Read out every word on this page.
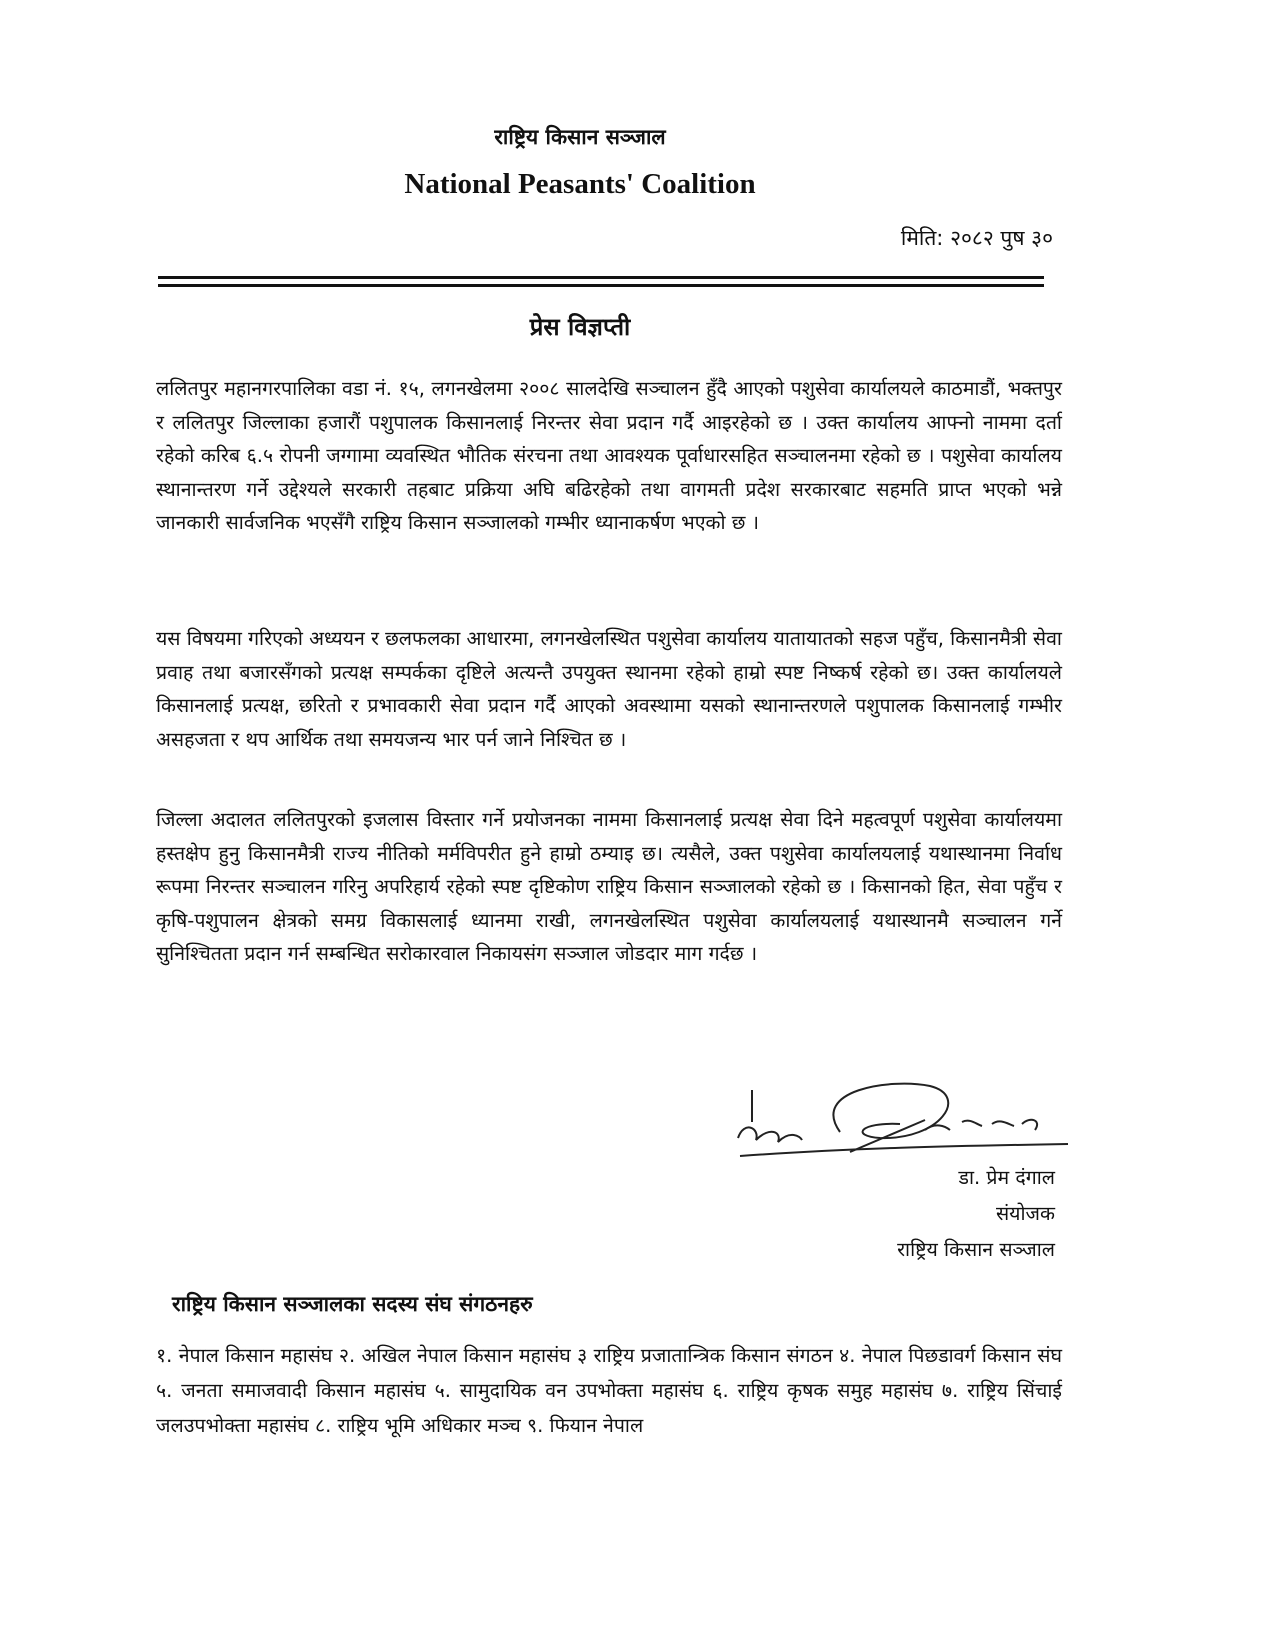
राष्ट्रिय किसान सञ्जाल
National Peasants' Coalition
मिति: २०८२ पुष ३०
प्रेस विज्ञप्ती

ललितपुर महानगरपालिका वडा नं. १५, लगनखेलमा २००८ सालदेखि सञ्चालन हुँदै आएको पशुसेवा कार्यालयले काठमाडौं, भक्तपुर र ललितपुर जिल्लाका हजारौं पशुपालक किसानलाई निरन्तर सेवा प्रदान गर्दै आइरहेको छ । उक्त कार्यालय आफ्नो नाममा दर्ता रहेको करिब ६.५ रोपनी जग्गामा व्यवस्थित भौतिक संरचना तथा आवश्यक पूर्वाधारसहित सञ्चालनमा रहेको छ । पशुसेवा कार्यालय स्थानान्तरण गर्ने उद्देश्यले सरकारी तहबाट प्रक्रिया अघि बढिरहेको तथा वागमती प्रदेश सरकारबाट सहमति प्राप्त भएको भन्ने जानकारी सार्वजनिक भएसँगै राष्ट्रिय किसान सञ्जालको गम्भीर ध्यानाकर्षण भएको छ ।

यस विषयमा गरिएको अध्ययन र छलफलका आधारमा, लगनखेलस्थित पशुसेवा कार्यालय यातायातको सहज पहुँच, किसानमैत्री सेवा प्रवाह तथा बजारसँगको प्रत्यक्ष सम्पर्कका दृष्टिले अत्यन्तै उपयुक्त स्थानमा रहेको हाम्रो स्पष्ट निष्कर्ष रहेको छ। उक्त कार्यालयले किसानलाई प्रत्यक्ष, छरितो र प्रभावकारी सेवा प्रदान गर्दै आएको अवस्थामा यसको स्थानान्तरणले पशुपालक किसानलाई गम्भीर असहजता र थप आर्थिक तथा समयजन्य भार पर्न जाने निश्चित छ ।

जिल्ला अदालत ललितपुरको इजलास विस्तार गर्ने प्रयोजनका नाममा किसानलाई प्रत्यक्ष सेवा दिने महत्वपूर्ण पशुसेवा कार्यालयमा हस्तक्षेप हुनु किसानमैत्री राज्य नीतिको मर्मविपरीत हुने हाम्रो ठम्याइ छ। त्यसैले, उक्त पशुसेवा कार्यालयलाई यथास्थानमा निर्वाध रूपमा निरन्तर सञ्चालन गरिनु अपरिहार्य रहेको स्पष्ट दृष्टिकोण राष्ट्रिय किसान सञ्जालको रहेको छ । किसानको हित, सेवा पहुँच र कृषि-पशुपालन क्षेत्रको समग्र विकासलाई ध्यानमा राखी, लगनखेलस्थित पशुसेवा कार्यालयलाई यथास्थानमै सञ्चालन गर्ने सुनिश्चितता प्रदान गर्न सम्बन्धित सरोकारवाल निकायसंग सञ्जाल जोडदार माग गर्दछ ।

डा. प्रेम दंगाल
संयोजक
राष्ट्रिय किसान सञ्जाल
राष्ट्रिय किसान सञ्जालका सदस्य संघ संगठनहरु

१. नेपाल किसान महासंघ २. अखिल नेपाल किसान महासंघ ३ राष्ट्रिय प्रजातान्त्रिक किसान संगठन ४. नेपाल पिछडावर्ग किसान संघ ५. जनता समाजवादी किसान महासंघ ५. सामुदायिक वन उपभोक्ता महासंघ ६. राष्ट्रिय कृषक समुह महासंघ ७. राष्ट्रिय सिंचाई जलउपभोक्ता महासंघ ८. राष्ट्रिय भूमि अधिकार मञ्च ९. फियान नेपाल
